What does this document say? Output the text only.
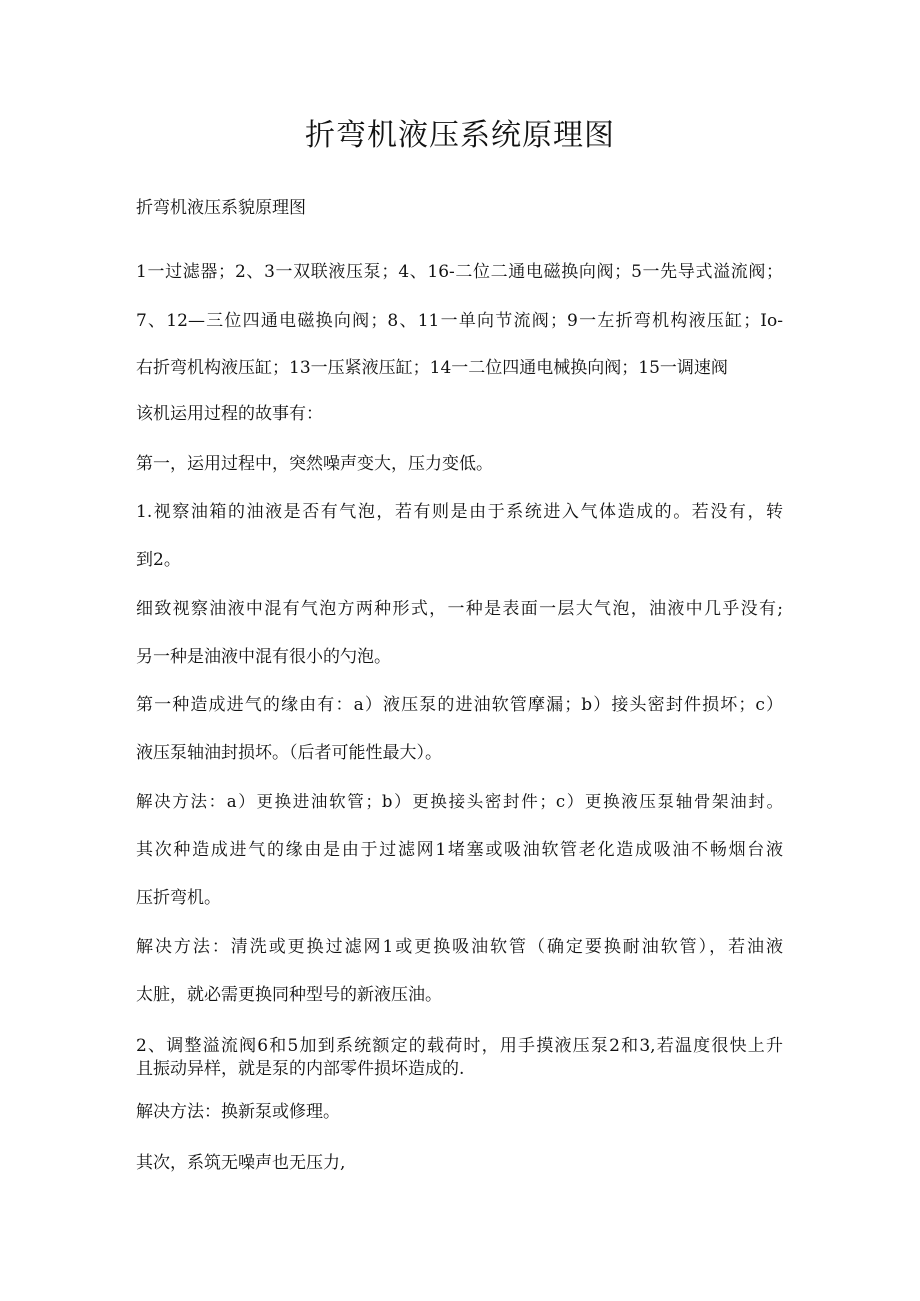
折弯机液压系统原理图

折弯机液压系貌原理图

1一过滤器；2、3一双联液压泵；4、16-二位二通电磁换向阀；5一先导式溢流阀；

7、12—三位四通电磁换向阀；8、11一单向节流阀；9一左折弯机构液压缸；Io-

右折弯机构液压缸；13一压紧液压缸；14一二位四通电械换向阀；15一调速阀

该机运用过程的故事有：

第一，运用过程中，突然噪声变大，压力变低。

1.视察油箱的油液是否有气泡，若有则是由于系统进入气体造成的。若没有，转

到2。

细致视察油液中混有气泡方两种形式，一种是表面一层大气泡，油液中几乎没有;

另一种是油液中混有很小的勺泡。

第一种造成进气的缘由有：a）液压泵的进油软管摩漏；b）接头密封件损坏；c）

液压泵轴油封损坏。（后者可能性最大）。

解决方法：a）更换进油软管；b）更换接头密封件；c）更换液压泵轴骨架油封。

其次种造成进气的缘由是由于过滤网1堵塞或吸油软管老化造成吸油不畅烟台液

压折弯机。

解决方法：清洗或更换过滤网1或更换吸油软管（确定要换耐油软管），若油液

太脏，就必需更换同种型号的新液压油。

2、调整溢流阀6和5加到系统额定的载荷时，用手摸液压泵2和3,若温度很快上升

且振动异样，就是泵的内部零件损坏造成的.

解决方法：换新泵或修理。

其次，系筑无噪声也无压力,
